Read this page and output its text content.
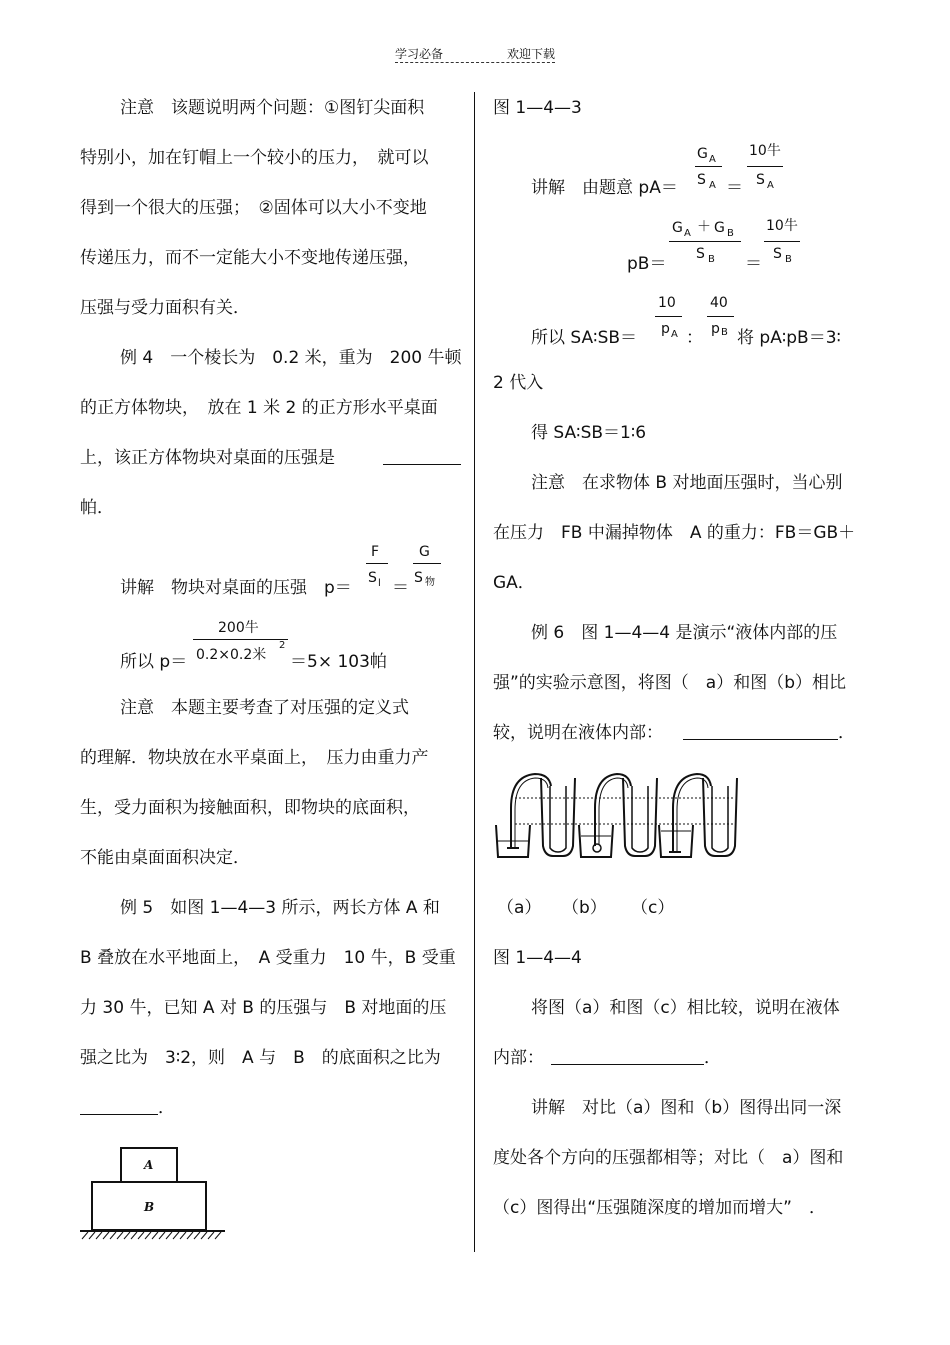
学习必备	欢迎下载
注意　该题说明两个问题：①图钉尖面积
特别小，加在钉帽上一个较小的压力，　就可以
得到一个很大的压强；　②固体可以大小不变地
传递压力，而不一定能大小不变地传递压强，
压强与受力面积有关．
例 4　一个棱长为　0.2 米，重为　200 牛顿
的正方体物块，　放在 1 米 2 的正方形水平桌面
上，该正方体物块对桌面的压强是
帕．
讲解　物块对桌面的压强　p＝
F
S l ＝
G
S 物
所以 p＝
200牛
0.2×0.2米
2
＝5× 103帕
注意　本题主要考查了对压强的定义式
的理解．物块放在水平桌面上，　压力由重力产
生，受力面积为接触面积，即物块的底面积，
不能由桌面面积决定．
例 5　如图 1—4—3 所示，两长方体 A 和
B 叠放在水平地面上，　A 受重力　10 牛，B 受重
力 30 牛，已知 A 对 B 的压强与　B 对地面的压
强之比为　3∶2，则　A 与　B　的底面积之比为
．
A
B
图 1—4—3
讲解　由题意 pA＝
G A
S A ＝
10牛
S A
pB＝
G A ＋ G B
S B ＝
10牛
S B
所以 SA∶SB＝
10
p A ：
40
p B 将 pA∶pB＝3∶
2 代入
得 SA∶SB＝1∶6
注意　在求物体 B 对地面压强时，当心别
在压力　FB 中漏掉物体　A 的重力：FB＝GB＋
GA．
例 6　图 1—4—4 是演示“液体内部的压
强”的实验示意图，将图（　a）和图（b）相比
较，说明在液体内部：	．
（a） （b） （c）
图 1—4—4
将图（a）和图（c）相比较，说明在液体
内部：	．
讲解　对比（a）图和（b）图得出同一深
度处各个方向的压强都相等；对比（　a）图和
（c）图得出“压强随深度的增加而增大”　．
